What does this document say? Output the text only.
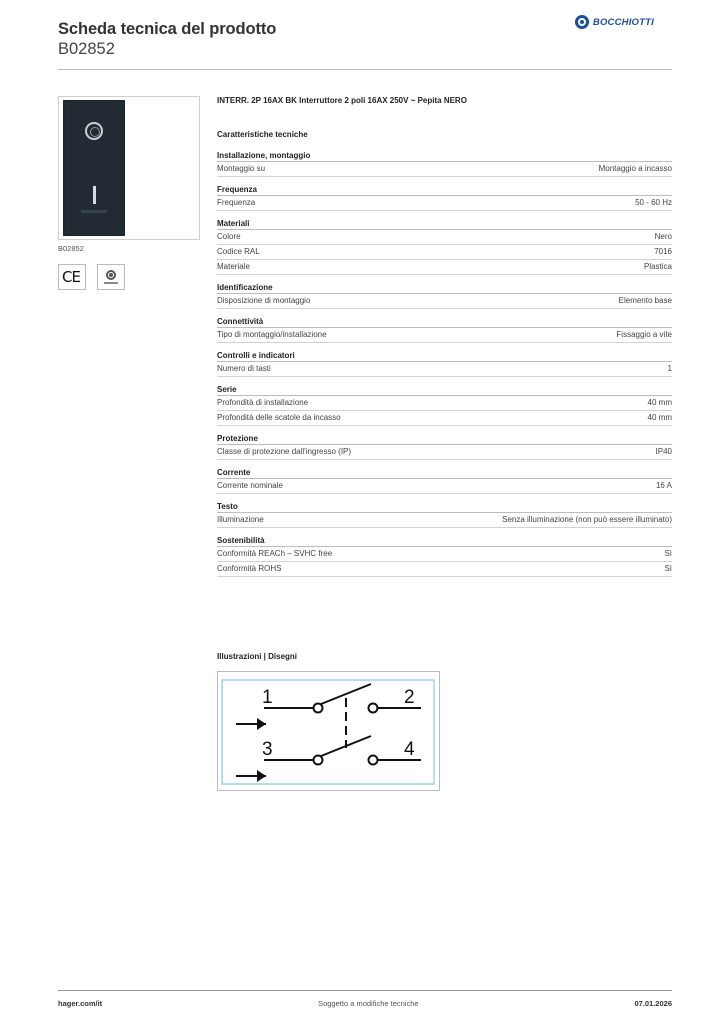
Scheda tecnica del prodotto
B02852
BOCCHIOTTI
B02852
CE
INTERR. 2P 16AX BK Interruttore 2 poli 16AX 250V ~ Pepita NERO
Caratteristiche tecniche
Installazione, montaggio
Montaggio su	Montaggio a incasso
Frequenza
Frequenza	50 - 60 Hz
Materiali
Colore	Nero
Codice RAL	7016
Materiale	Plastica
Identificazione
Disposizione di montaggio	Elemento base
Connettività
Tipo di montaggio/installazione	Fissaggio a vite
Controlli e indicatori
Numero di tasti	1
Serie
Profondità di installazione	40 mm
Profondità delle scatole da incasso	40 mm
Protezione
Classe di protezione dall'ingresso (IP)	IP40
Corrente
Corrente nominale	16 A
Testo
Illuminazione	Senza illuminazione (non può essere illuminato)
Sostenibilità
Conformità REACh – SVHC free	Sì
Conformità ROHS	Sì
Illustrazioni | Disegni
1	2
3	4
hager.com/it	Soggetto a modifiche tecniche	07.01.2026
